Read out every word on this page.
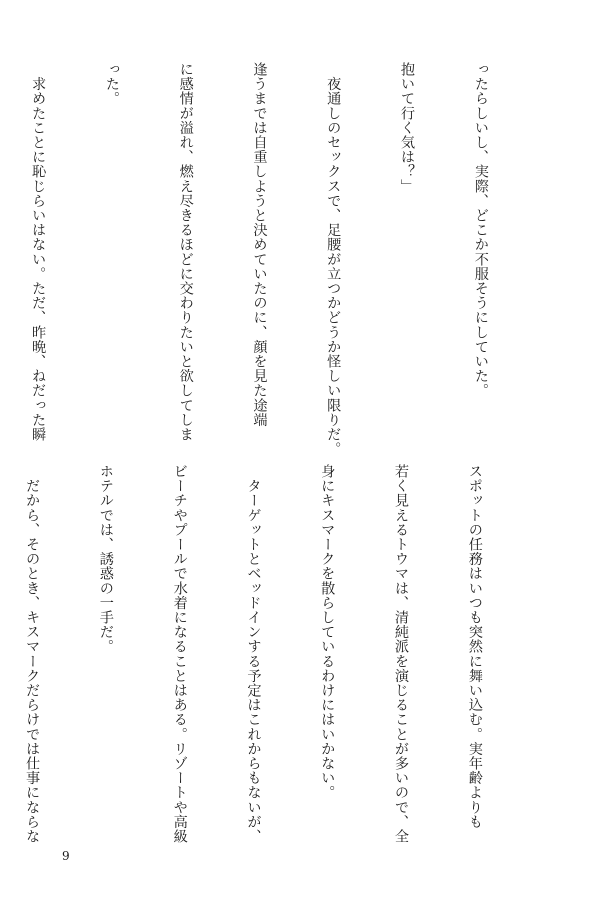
ったらしいし、実際、どこか不服そうにしていた。

抱いて行く気は？」

　夜通しのセックスで、足腰が立つかどうか怪しい限りだ。

逢うまでは自重しようと決めていたのに、顔を見た途端

に感情が溢れ、燃え尽きるほどに交わりたいと欲してしま

った。

　求めたことに恥じらいはない。ただ、昨晩、ねだった瞬

スポットの任務はいつも突然に舞い込む。実年齢よりも

若く見えるトウマは、清純派を演じることが多いので、全

身にキスマークを散らしているわけにはいかない。

　ターゲットとベッドインする予定はこれからもないが、

ビーチやプールで水着になることはある。リゾートや高級

ホテルでは、誘惑の一手だ。

　だから、そのとき、キスマークだらけでは仕事にならな

9
